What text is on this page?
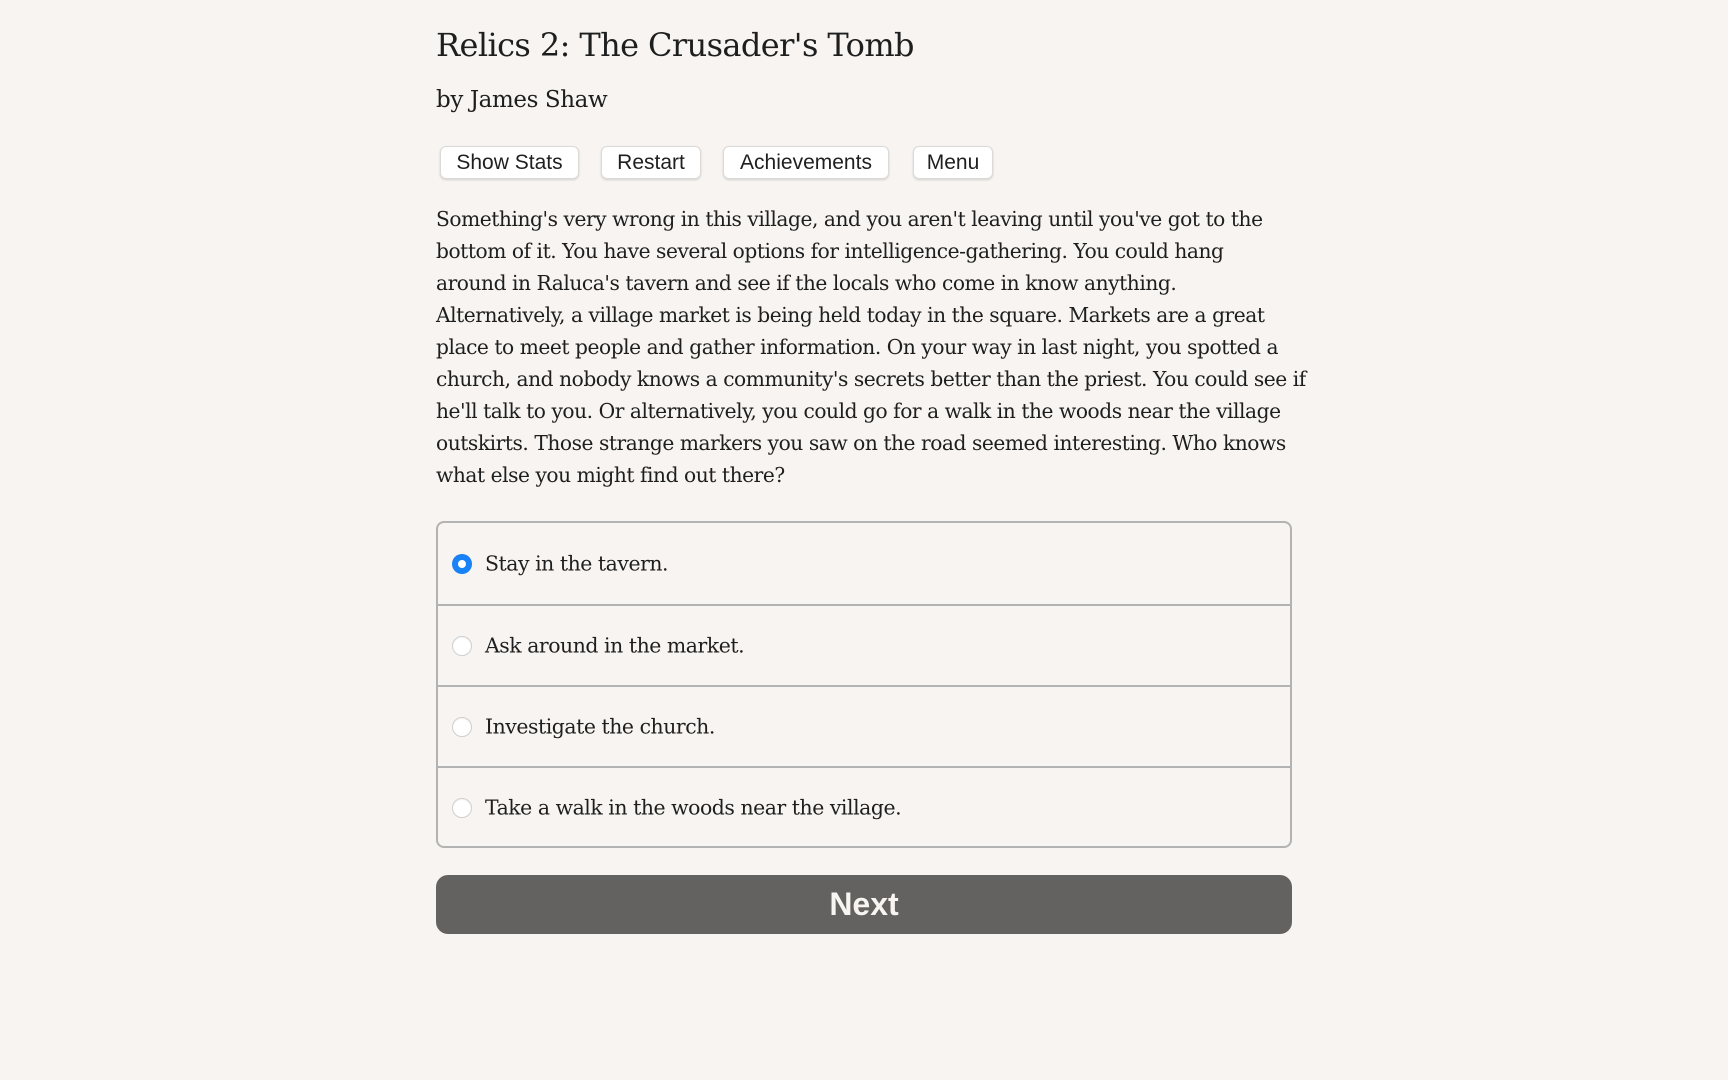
Relics 2: The Crusader's Tomb
by James Shaw
Show Stats	Restart	Achievements	Menu

Something's very wrong in this village, and you aren't leaving until you've got to the
bottom of it. You have several options for intelligence-gathering. You could hang
around in Raluca's tavern and see if the locals who come in know anything.
Alternatively, a village market is being held today in the square. Markets are a great
place to meet people and gather information. On your way in last night, you spotted a
church, and nobody knows a community's secrets better than the priest. You could see if
he'll talk to you. Or alternatively, you could go for a walk in the woods near the village
outskirts. Those strange markers you saw on the road seemed interesting. Who knows
what else you might find out there?

Stay in the tavern.
Ask around in the market.
Investigate the church.
Take a walk in the woods near the village.
Next
